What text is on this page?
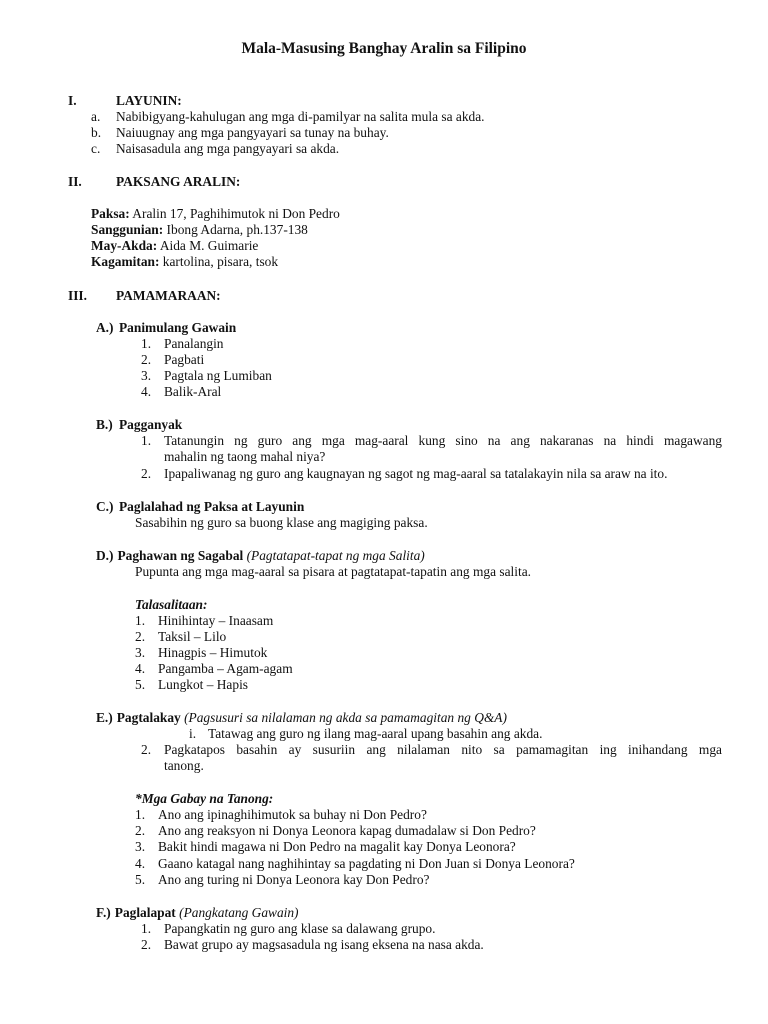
Mala-Masusing Banghay Aralin sa Filipino
I.	LAYUNIN:
a. Nabibigyang-kahulugan ang mga di-pamilyar na salita mula sa akda.
b. Naiuugnay ang mga pangyayari sa tunay na buhay.
c. Naisasadula ang mga pangyayari sa akda.
II.	PAKSANG ARALIN:
Paksa: Aralin 17, Paghihimutok ni Don Pedro
Sanggunian: Ibong Adarna, ph.137-138
May-Akda: Aida M. Guimarie
Kagamitan: kartolina, pisara, tsok
III. PAMAMARAAN:
A.) Panimulang Gawain
1. Panalangin
2. Pagbati
3. Pagtala ng Lumiban
4. Balik-Aral
B.) Pagganyak
1. Tatanungin ng guro ang mga mag-aaral kung sino na ang nakaranas na hindi magawang
mahalin ng taong mahal niya?
2. Ipapaliwanag ng guro ang kaugnayan ng sagot ng mag-aaral sa tatalakayin nila sa araw na ito.
C.) Paglalahad ng Paksa at Layunin
Sasabihin ng guro sa buong klase ang magiging paksa.
D.) Paghawan ng Sagabal (Pagtatapat-tapat ng mga Salita)
Pupunta ang mga mag-aaral sa pisara at pagtatapat-tapatin ang mga salita.
Talasalitaan:
1. Hinihintay – Inaasam
2. Taksil – Lilo
3. Hinagpis – Himutok
4. Pangamba – Agam-agam
5. Lungkot – Hapis
E.) Pagtalakay (Pagsusuri sa nilalaman ng akda sa pamamagitan ng Q&A)
i. Tatawag ang guro ng ilang mag-aaral upang basahin ang akda.
2. Pagkatapos basahin ay susuriin ang nilalaman nito sa pamamagitan ing inihandang mga
tanong.
*Mga Gabay na Tanong:
1. Ano ang ipinaghihimutok sa buhay ni Don Pedro?
2. Ano ang reaksyon ni Donya Leonora kapag dumadalaw si Don Pedro?
3. Bakit hindi magawa ni Don Pedro na magalit kay Donya Leonora?
4. Gaano katagal nang naghihintay sa pagdating ni Don Juan si Donya Leonora?
5. Ano ang turing ni Donya Leonora kay Don Pedro?
F.) Paglalapat (Pangkatang Gawain)
1. Papangkatin ng guro ang klase sa dalawang grupo.
2. Bawat grupo ay magsasadula ng isang eksena na nasa akda.
